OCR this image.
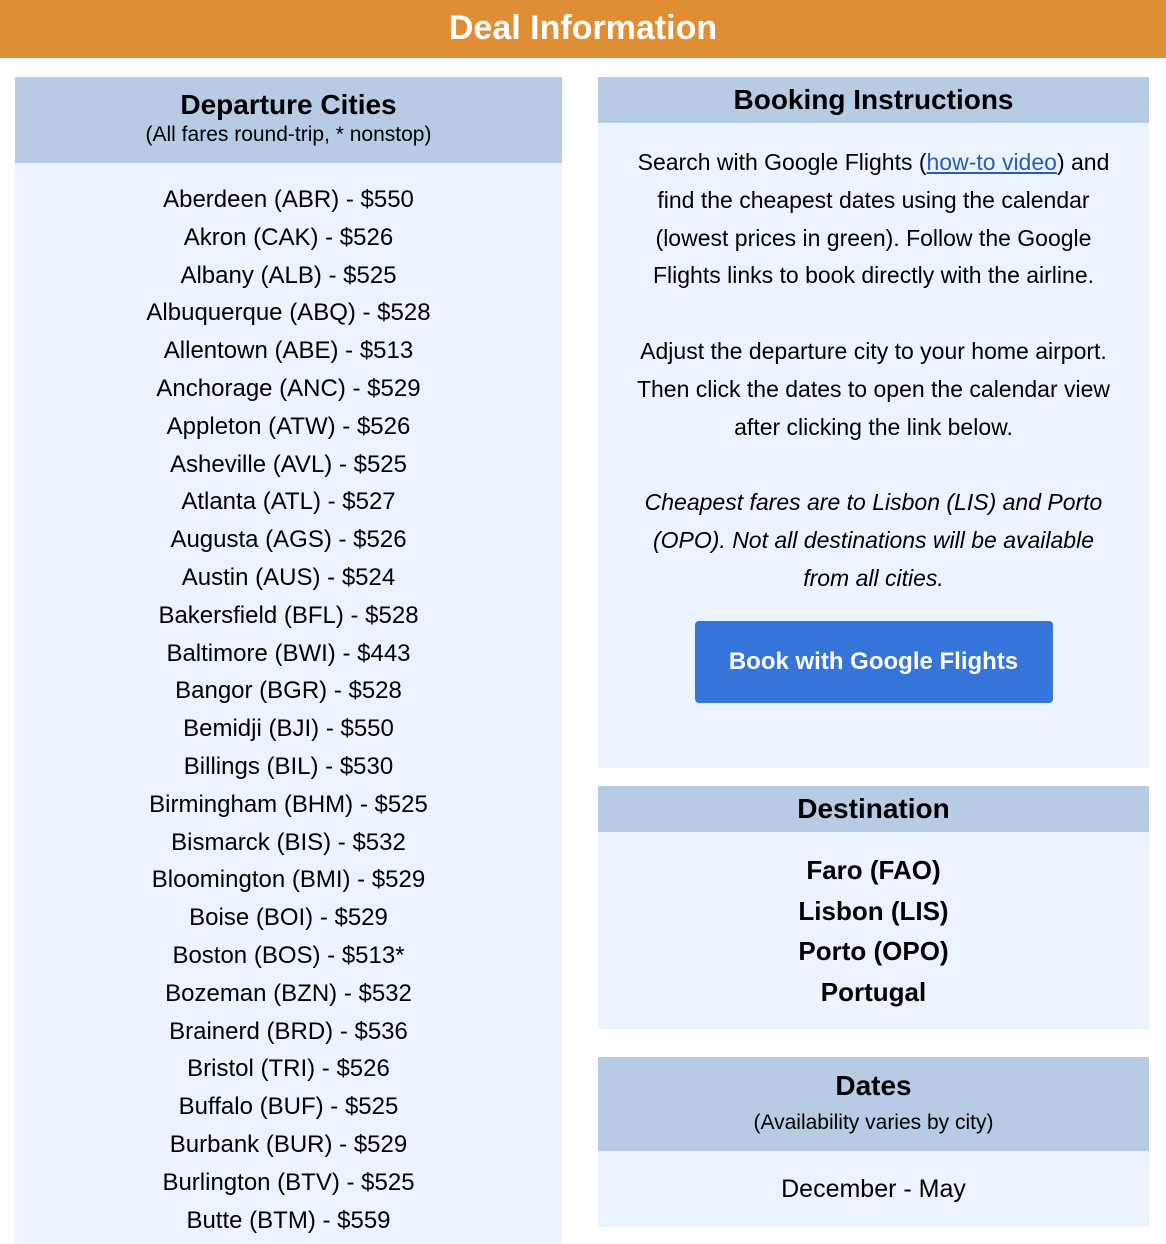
Deal Information
Departure Cities
(All fares round-trip, * nonstop)
Aberdeen (ABR) - $550
Akron (CAK) - $526
Albany (ALB) - $525
Albuquerque (ABQ) - $528
Allentown (ABE) - $513
Anchorage (ANC) - $529
Appleton (ATW) - $526
Asheville (AVL) - $525
Atlanta (ATL) - $527
Augusta (AGS) - $526
Austin (AUS) - $524
Bakersfield (BFL) - $528
Baltimore (BWI) - $443
Bangor (BGR) - $528
Bemidji (BJI) - $550
Billings (BIL) - $530
Birmingham (BHM) - $525
Bismarck (BIS) - $532
Bloomington (BMI) - $529
Boise (BOI) - $529
Boston (BOS) - $513*
Bozeman (BZN) - $532
Brainerd (BRD) - $536
Bristol (TRI) - $526
Buffalo (BUF) - $525
Burbank (BUR) - $529
Burlington (BTV) - $525
Butte (BTM) - $559
Booking Instructions

Search with Google Flights (how-to video) and find the cheapest dates using the calendar (lowest prices in green). Follow the Google Flights links to book directly with the airline.

Adjust the departure city to your home airport. Then click the dates to open the calendar view after clicking the link below.

Cheapest fares are to Lisbon (LIS) and Porto (OPO). Not all destinations will be available from all cities.

Book with Google Flights
Destination
Faro (FAO)
Lisbon (LIS)
Porto (OPO)
Portugal
Dates
(Availability varies by city)
December - May
